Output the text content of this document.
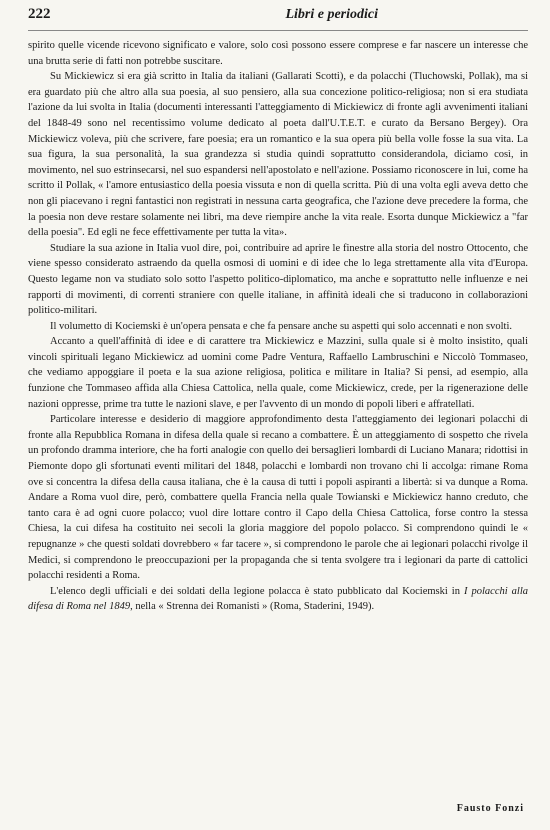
222	Libri e periodici

spirito quelle vicende ricevono significato e valore, solo così possono essere comprese e far nascere un interesse che una brutta serie di fatti non potrebbe suscitare.

Su Mickiewicz si era già scritto in Italia da italiani (Gallarati Scotti), e da polacchi (Tluchowski, Pollak), ma si era guardato più che altro alla sua poesia, al suo pensiero, alla sua concezione politico-religiosa; non si era studiata l'azione da lui svolta in Italia (documenti interessanti l'atteggiamento di Mickiewicz di fronte agli avvenimenti italiani del 1848-49 sono nel recentissimo volume dedicato al poeta dall'U.T.E.T. e curato da Bersano Bergey). Ora Mickiewicz voleva, più che scrivere, fare poesia; era un romantico e la sua opera più bella volle fosse la sua vita. La sua figura, la sua personalità, la sua grandezza si studia quindi soprattutto considerandola, diciamo così, in movimento, nel suo estrinsecarsi, nel suo espandersi nell'apostolato e nell'azione. Possiamo riconoscere in lui, come ha scritto il Pollak, « l'amore entusiastico della poesia vissuta e non di quella scritta. Più di una volta egli aveva detto che non gli piacevano i regni fantastici non registrati in nessuna carta geografica, che l'azione deve precedere la forma, che la poesia non deve restare solamente nei libri, ma deve riempire anche la vita reale. Esorta dunque Mickiewicz a "far della poesia". Ed egli ne fece effettivamente per tutta la vita».

Studiare la sua azione in Italia vuol dire, poi, contribuire ad aprire le finestre alla storia del nostro Ottocento, che viene spesso considerato astraendo da quella osmosi di uomini e di idee che lo lega strettamente alla vita d'Europa. Questo legame non va studiato solo sotto l'aspetto politico-diplomatico, ma anche e soprattutto nelle influenze e nei rapporti di movimenti, di correnti straniere con quelle italiane, in affinità ideali che si traducono in collaborazioni politico-militari.

Il volumetto di Kociemski è un'opera pensata e che fa pensare anche su aspetti qui solo accennati e non svolti.

Accanto a quell'affinità di idee e di carattere tra Mickiewicz e Mazzini, sulla quale si è molto insistito, quali vincoli spirituali legano Mickiewicz ad uomini come Padre Ventura, Raffaello Lambruschini e Niccolò Tommaseo, che vediamo appoggiare il poeta e la sua azione religiosa, politica e militare in Italia? Si pensi, ad esempio, alla funzione che Tommaseo affida alla Chiesa Cattolica, nella quale, come Mickiewicz, crede, per la rigenerazione delle nazioni oppresse, prime tra tutte le nazioni slave, e per l'avvento di un mondo di popoli liberi e affratellati.

Particolare interesse e desiderio di maggiore approfondimento desta l'atteggiamento dei legionari polacchi di fronte alla Repubblica Romana in difesa della quale si recano a combattere. È un atteggiamento di sospetto che rivela un profondo dramma interiore, che ha forti analogie con quello dei bersaglieri lombardi di Luciano Manara; ridottisi in Piemonte dopo gli sfortunati eventi militari del 1848, polacchi e lombardi non trovano chi li accolga: rimane Roma ove si concentra la difesa della causa italiana, che è la causa di tutti i popoli aspiranti a libertà: si va dunque a Roma. Andare a Roma vuol dire, però, combattere quella Francia nella quale Towianski e Mickiewicz hanno creduto, che tanto cara è ad ogni cuore polacco; vuol dire lottare contro il Capo della Chiesa Cattolica, forse contro la stessa Chiesa, la cui difesa ha costituito nei secoli la gloria maggiore del popolo polacco. Si comprendono quindi le « repugnanze » che questi soldati dovrebbero « far tacere », si comprendono le parole che ai legionari polacchi rivolge il Medici, si comprendono le preoccupazioni per la propaganda che si tenta svolgere tra i legionari da parte di cattolici polacchi residenti a Roma.

L'elenco degli ufficiali e dei soldati della legione polacca è stato pubblicato dal Kociemski in I polacchi alla difesa di Roma nel 1849, nella « Strenna dei Romanisti » (Roma, Staderini, 1949).

Fausto Fonzi
